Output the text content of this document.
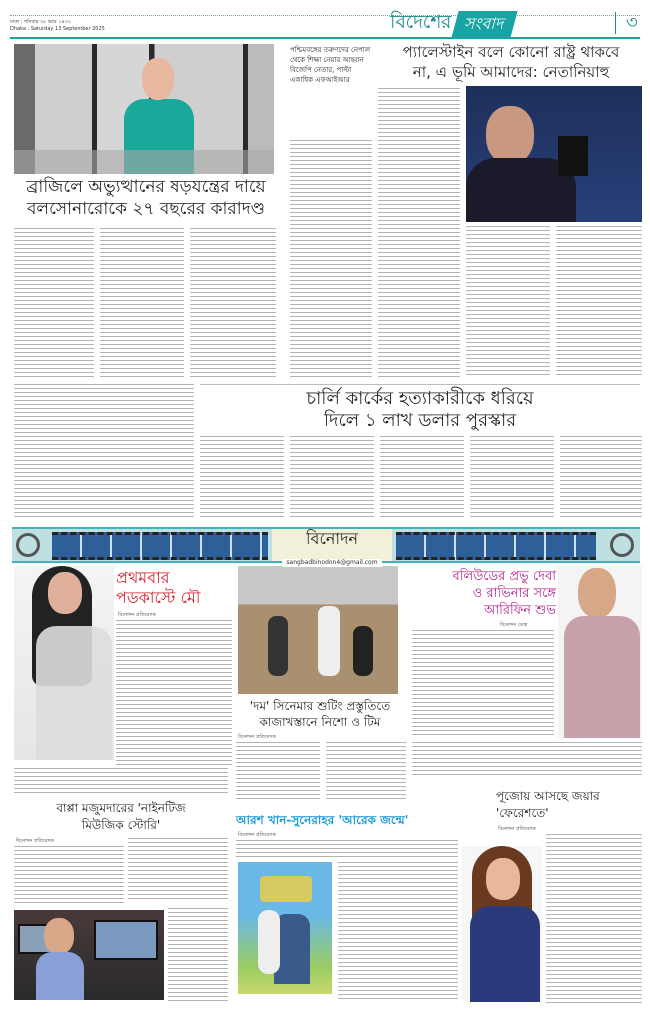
ঢাকা : শনিবার ২৮ ভাদ্র ১৪৩২
Dhaka : Saturday 13 September 2025	বিদেশের সংবাদ	৩
ব্রাজিলে অভ্যুত্থানের ষড়যন্ত্রের দায়ে
বলসোনারোকে ২৭ বছরের কারাদণ্ড
পশ্চিমবঙ্গের তরুণদের নেপাল থেকে শিক্ষা নেয়ার আহ্বান বিজেপি নেতার, পাল্টা একাধিক এফআইআর
প্যালেস্টাইন বলে কোনো রাষ্ট্র থাকবে
না, এ ভূমি আমাদের: নেতানিয়াহু
চার্লি কার্কের হত্যাকারীকে ধরিয়ে
দিলে ১ লাখ ডলার পুরস্কার
বিনোদন
sangbadbinodon4@gmail.com
প্রথমবার
পডকাস্টে মৌ
বিনোদন প্রতিবেদক
'দম' সিনেমার শুটিং প্রস্তুতিতে
কাজাখস্তানে নিশো ও টিম
বিনোদন প্রতিবেদক
বলিউডের প্রভু দেবা
ও রাভিনার সঙ্গে
আরিফিন শুভ
বিনোদন ডেস্ক
বাপ্পা মজুমদারের 'নাইনটিজ
মিউজিক স্টোরি'
বিনোদন প্রতিবেদক
আরশ খান-সুনেরাহর 'আরেক জন্মে'
বিনোদন প্রতিবেদক
পূজোয় আসছে জয়ার
'ফেরেশতে'
বিনোদন প্রতিবেদক
